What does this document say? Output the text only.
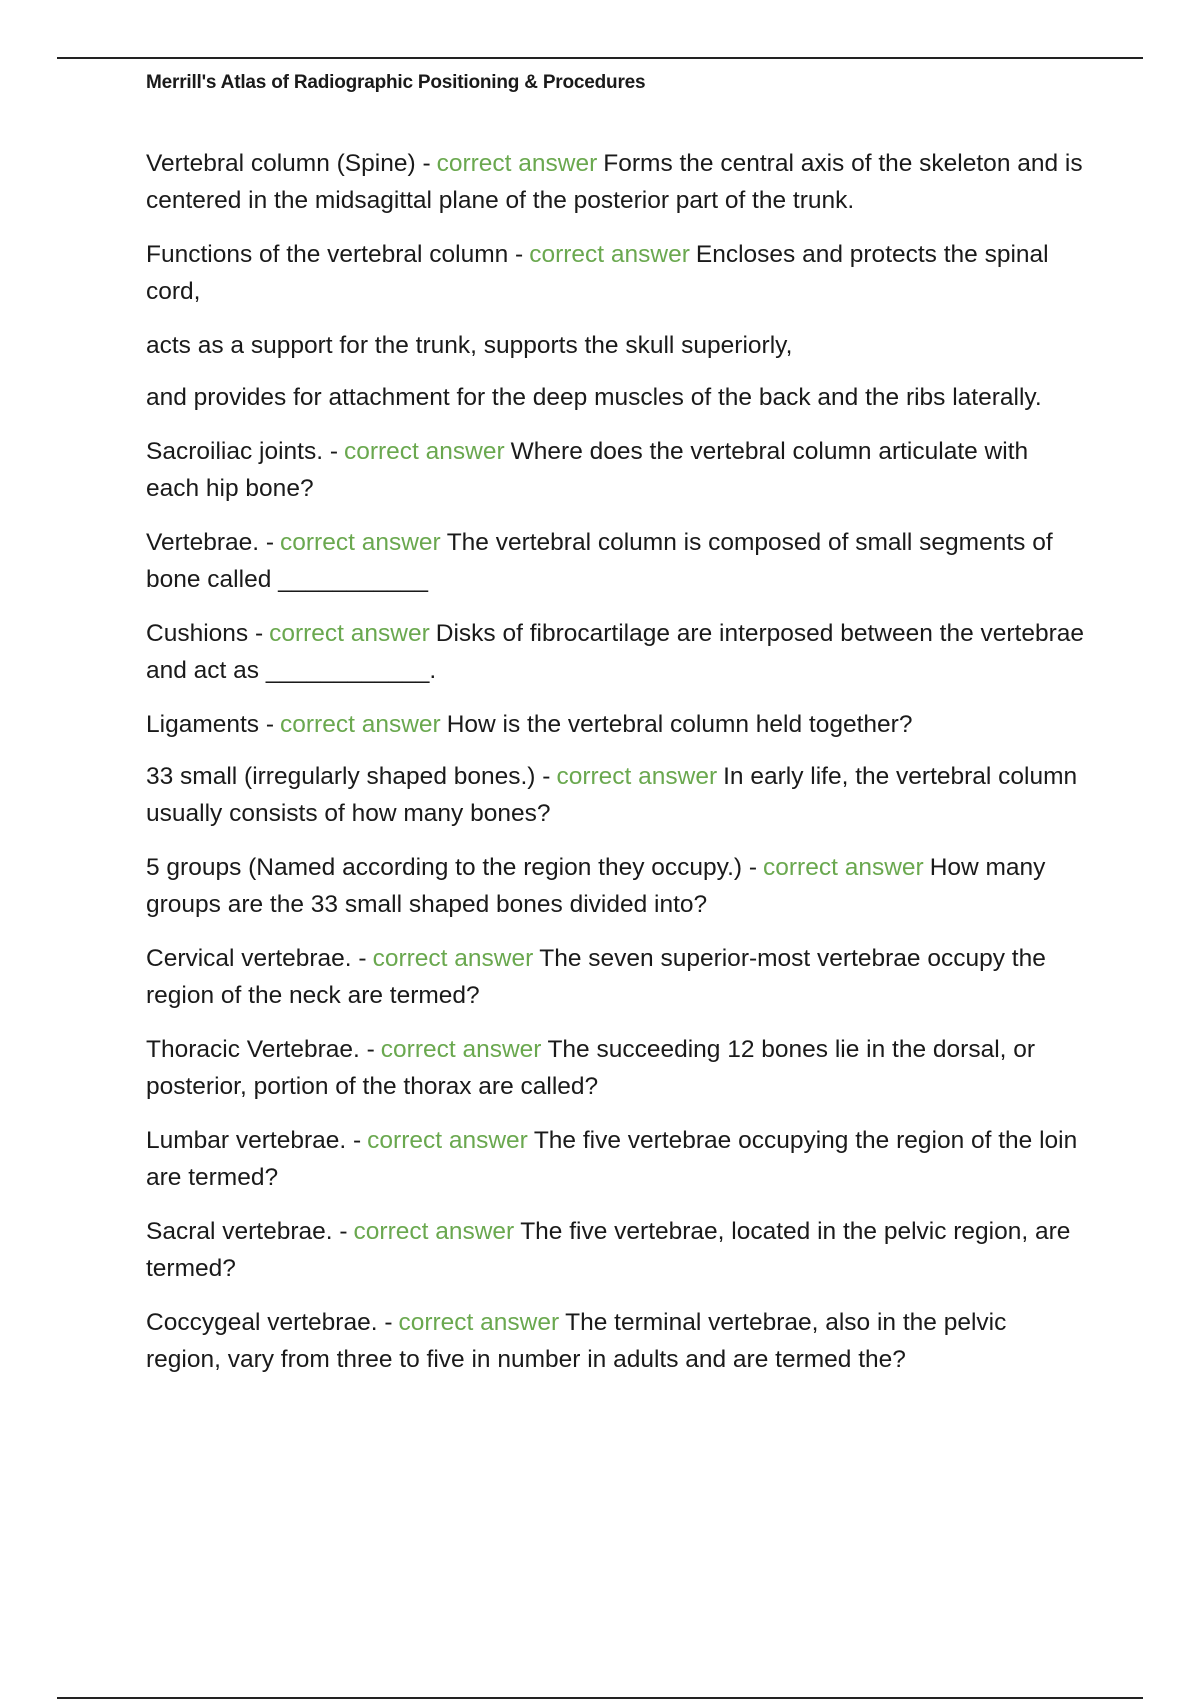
Merrill's Atlas of Radiographic Positioning & Procedures

Vertebral column (Spine) - correct answer Forms the central axis of the skeleton and is centered in the midsagittal plane of the posterior part of the trunk.

Functions of the vertebral column - correct answer Encloses and protects the spinal cord,

acts as a support for the trunk, supports the skull superiorly,

and provides for attachment for the deep muscles of the back and the ribs laterally.

Sacroiliac joints. - correct answer Where does the vertebral column articulate with each hip bone?

Vertebrae. - correct answer The vertebral column is composed of small segments of bone called ___________

Cushions - correct answer Disks of fibrocartilage are interposed between the vertebrae and act as ____________.

Ligaments - correct answer How is the vertebral column held together?

33 small (irregularly shaped bones.) - correct answer In early life, the vertebral column usually consists of how many bones?

5 groups (Named according to the region they occupy.) - correct answer How many groups are the 33 small shaped bones divided into?

Cervical vertebrae. - correct answer The seven superior-most vertebrae occupy the region of the neck are termed?

Thoracic Vertebrae. - correct answer The succeeding 12 bones lie in the dorsal, or posterior, portion of the thorax are called?

Lumbar vertebrae. - correct answer The five vertebrae occupying the region of the loin are termed?

Sacral vertebrae. - correct answer The five vertebrae, located in the pelvic region, are termed?

Coccygeal vertebrae. - correct answer The terminal vertebrae, also in the pelvic region, vary from three to five in number in adults and are termed the?
